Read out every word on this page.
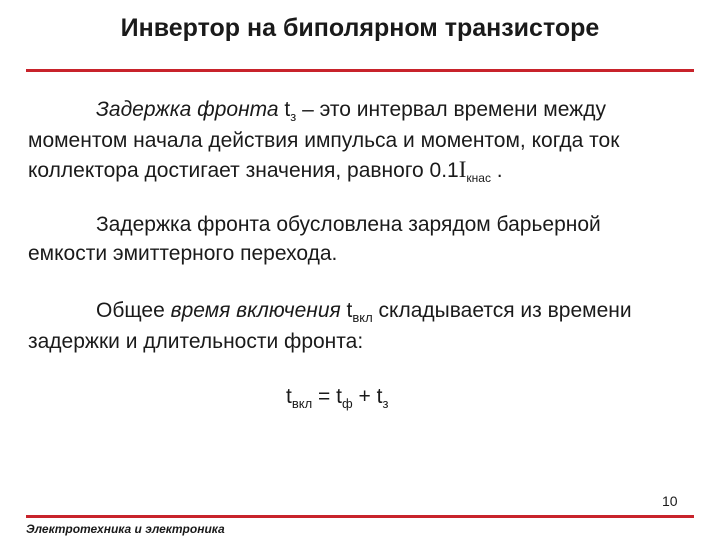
Инвертор на биполярном транзисторе
Задержка фронта $t_з$ – это интервал времени между
моментом начала действия импульса и моментом, когда ток
коллектора достигает значения, равного $0.1I_{кнас}$ .
Задержка фронта обусловлена зарядом барьерной
емкости эмиттерного перехода.
Общее время включения $t_{вкл}$ складывается из времени
задержки и длительности фронта:
$t_{вкл} = t_ф + t_з$
10
Электротехника и электроника
